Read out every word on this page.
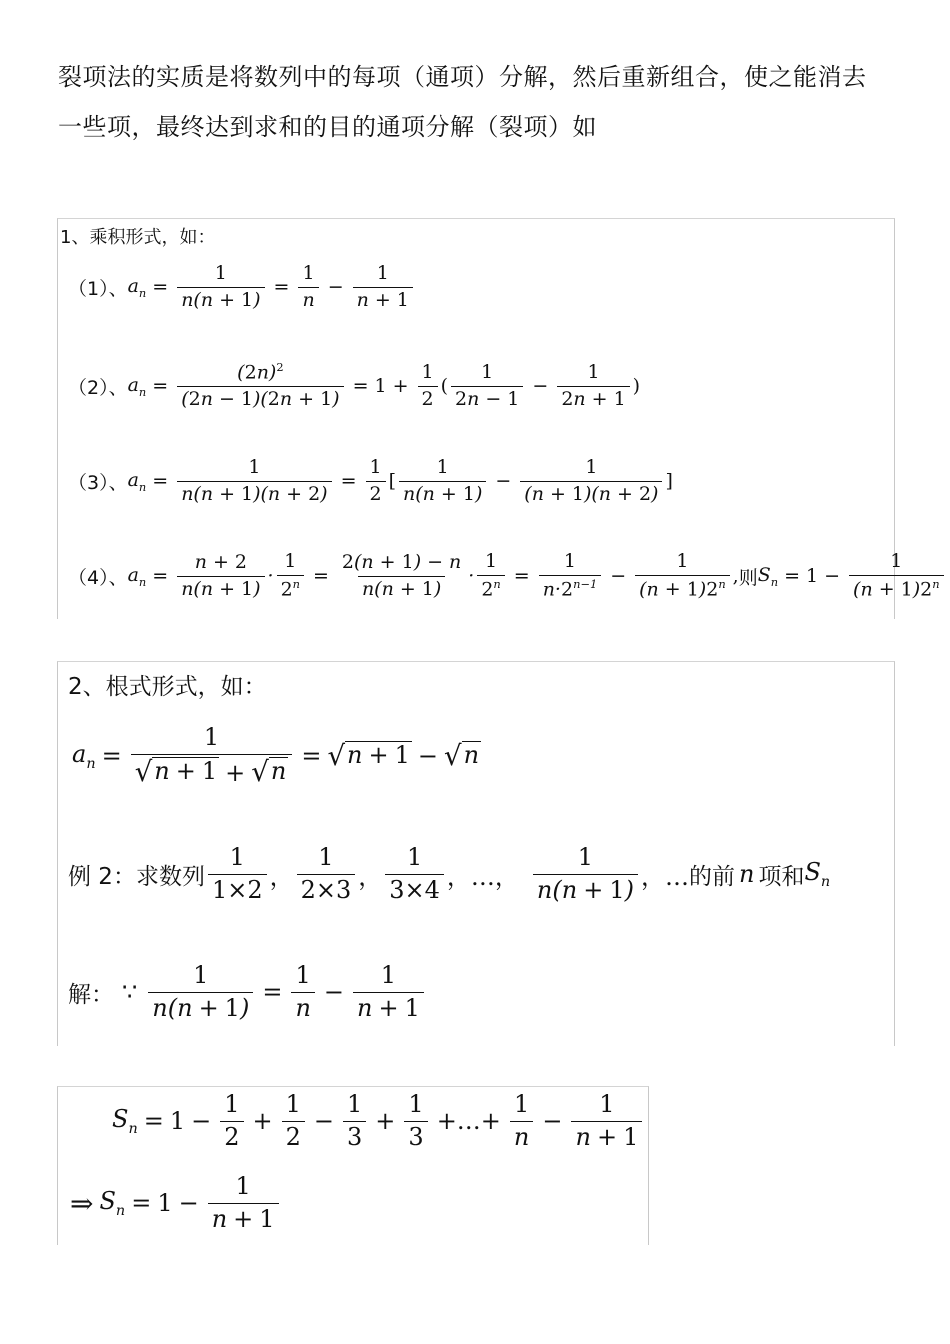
裂项法的实质是将数列中的每项（通项）分解，然后重新组合，使之能消去
一些项，最终达到求和的目的通项分解（裂项）如
1、乘积形式，如：
（1）、 $a_n = \frac{1}{n(n + 1)} = \frac{1}{n} - \frac{1}{n + 1}$
（2）、 $a_n = \frac{(2n)^2}{(2n - 1)(2n + 1)} = 1 + \frac{1}{2}$ ( $\frac{1}{2n - 1} - \frac{1}{2n + 1}$ )
（3）、 $a_n = \frac{1}{n(n + 1)(n + 2)} = \frac{1}{2}$ [ $\frac{1}{n(n + 1)} - \frac{1}{(n + 1)(n + 2)}$ ]
（4）、 $a_n = \frac{n + 2}{n(n + 1)} \cdot \frac{1}{2^n} = \frac{2(n + 1) - n}{n(n + 1)} \cdot \frac{1}{2^n} = \frac{1}{n\cdot 2^{n-1}} - \frac{1}{(n + 1)2^n}$ , 则 $S_n = 1 - \frac{1}{(n + 1)2^n}$
2、根式形式，如：
$a_n = \frac{1}{√ n + 1 + √ n}$ = √ n + 1 − √ n
例 2：求数列 $\frac{1}{1\times 2}$ ， $\frac{1}{2\times 3}$ ， $\frac{1}{3\times 4}$ ，…， $\frac{1}{n(n + 1)}$ ，… 的前 n 项和 $S_n$
解： ∵ $\frac{1}{n(n + 1)} = \frac{1}{n} - \frac{1}{n + 1}$
$S_n = 1 - \frac{1}{2} + \frac{1}{2} - \frac{1}{3} + \frac{1}{3}$ +…+ $\frac{1}{n} - \frac{1}{n + 1}$
⇒ $S_n = 1 - \frac{1}{n + 1}$
